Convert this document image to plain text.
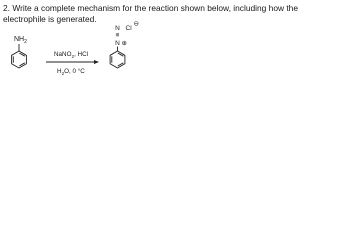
2. Write a complete mechanism for the reaction shown below, including how the electrophile is generated.

$NH_2$
NaNO$_2$, HCl
$H_2O$, 0 °C
N Cl
⊖
≡
N ⊕
